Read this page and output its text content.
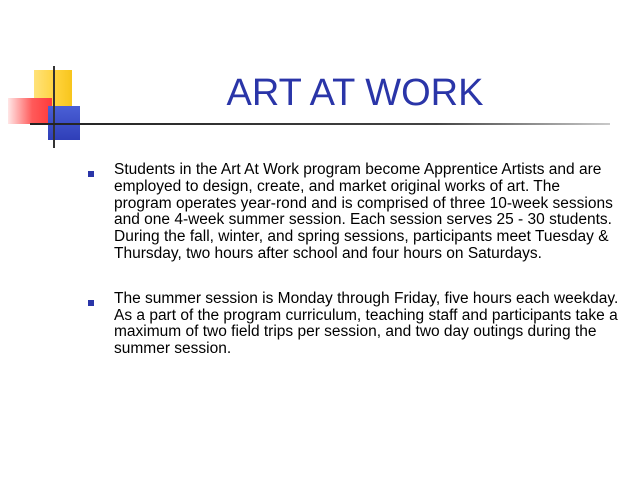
ART AT WORK
Students in the Art At Work program become Apprentice Artists and are employed to design, create, and market original works of art. The program operates year-rond and is comprised of three 10-week sessions and one 4-week summer session. Each session serves 25 - 30 students. During the fall, winter, and spring sessions, participants meet Tuesday & Thursday, two hours after school and four hours on Saturdays.
The summer session is Monday through Friday, five hours each weekday. As a part of the program curriculum, teaching staff and participants take a maximum of two field trips per session, and two day outings during the summer session.
